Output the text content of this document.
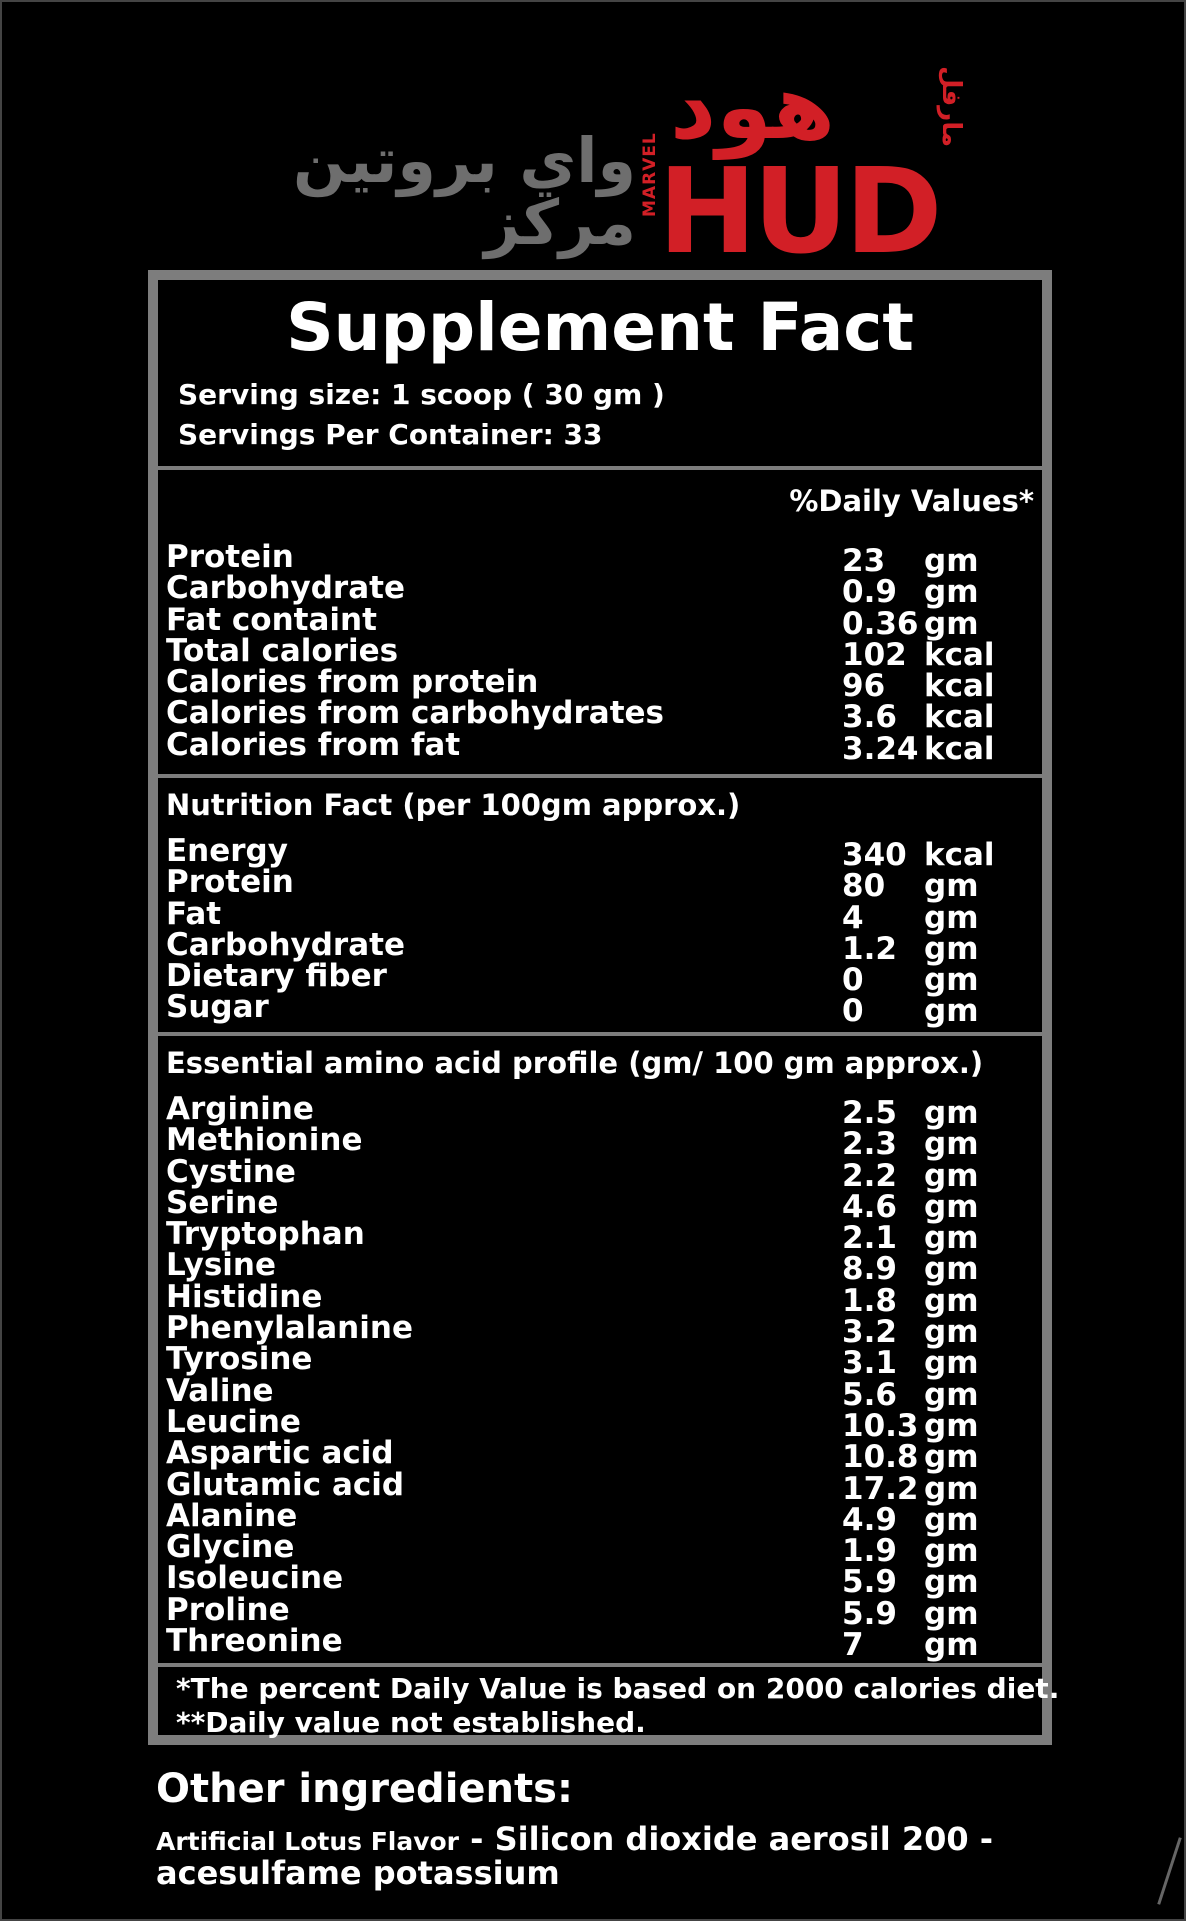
واي بروتين مركز
هود	مارفل
MARVEL
HUD
Supplement Fact
Serving size: 1 scoop ( 30 gm )
Servings Per Container: 33
%Daily Values*
Protein	23 gm
Carbohydrate	0.9 gm
Fat containt	0.36 gm
Total calories	102 kcal
Calories from protein	96 kcal
Calories from carbohydrates	3.6 kcal
Calories from fat	3.24 kcal
Nutrition Fact (per 100gm approx.)
Energy	340 kcal
Protein	80 gm
Fat	4 gm
Carbohydrate	1.2 gm
Dietary fiber	0 gm
Sugar	0 gm
Essential amino acid profile (gm/ 100 gm approx.)
Arginine	2.5 gm
Methionine	2.3 gm
Cystine	2.2 gm
Serine	4.6 gm
Tryptophan	2.1 gm
Lysine	8.9 gm
Histidine	1.8 gm
Phenylalanine	3.2 gm
Tyrosine	3.1 gm
Valine	5.6 gm
Leucine	10.3 gm
Aspartic acid	10.8 gm
Glutamic acid	17.2 gm
Alanine	4.9 gm
Glycine	1.9 gm
Isoleucine	5.9 gm
Proline	5.9 gm
Threonine	7 gm
*The percent Daily Value is based on 2000 calories diet.
**Daily value not established.
Other ingredients:
Artificial Lotus Flavor - Silicon dioxide aerosil 200 -
acesulfame potassium
